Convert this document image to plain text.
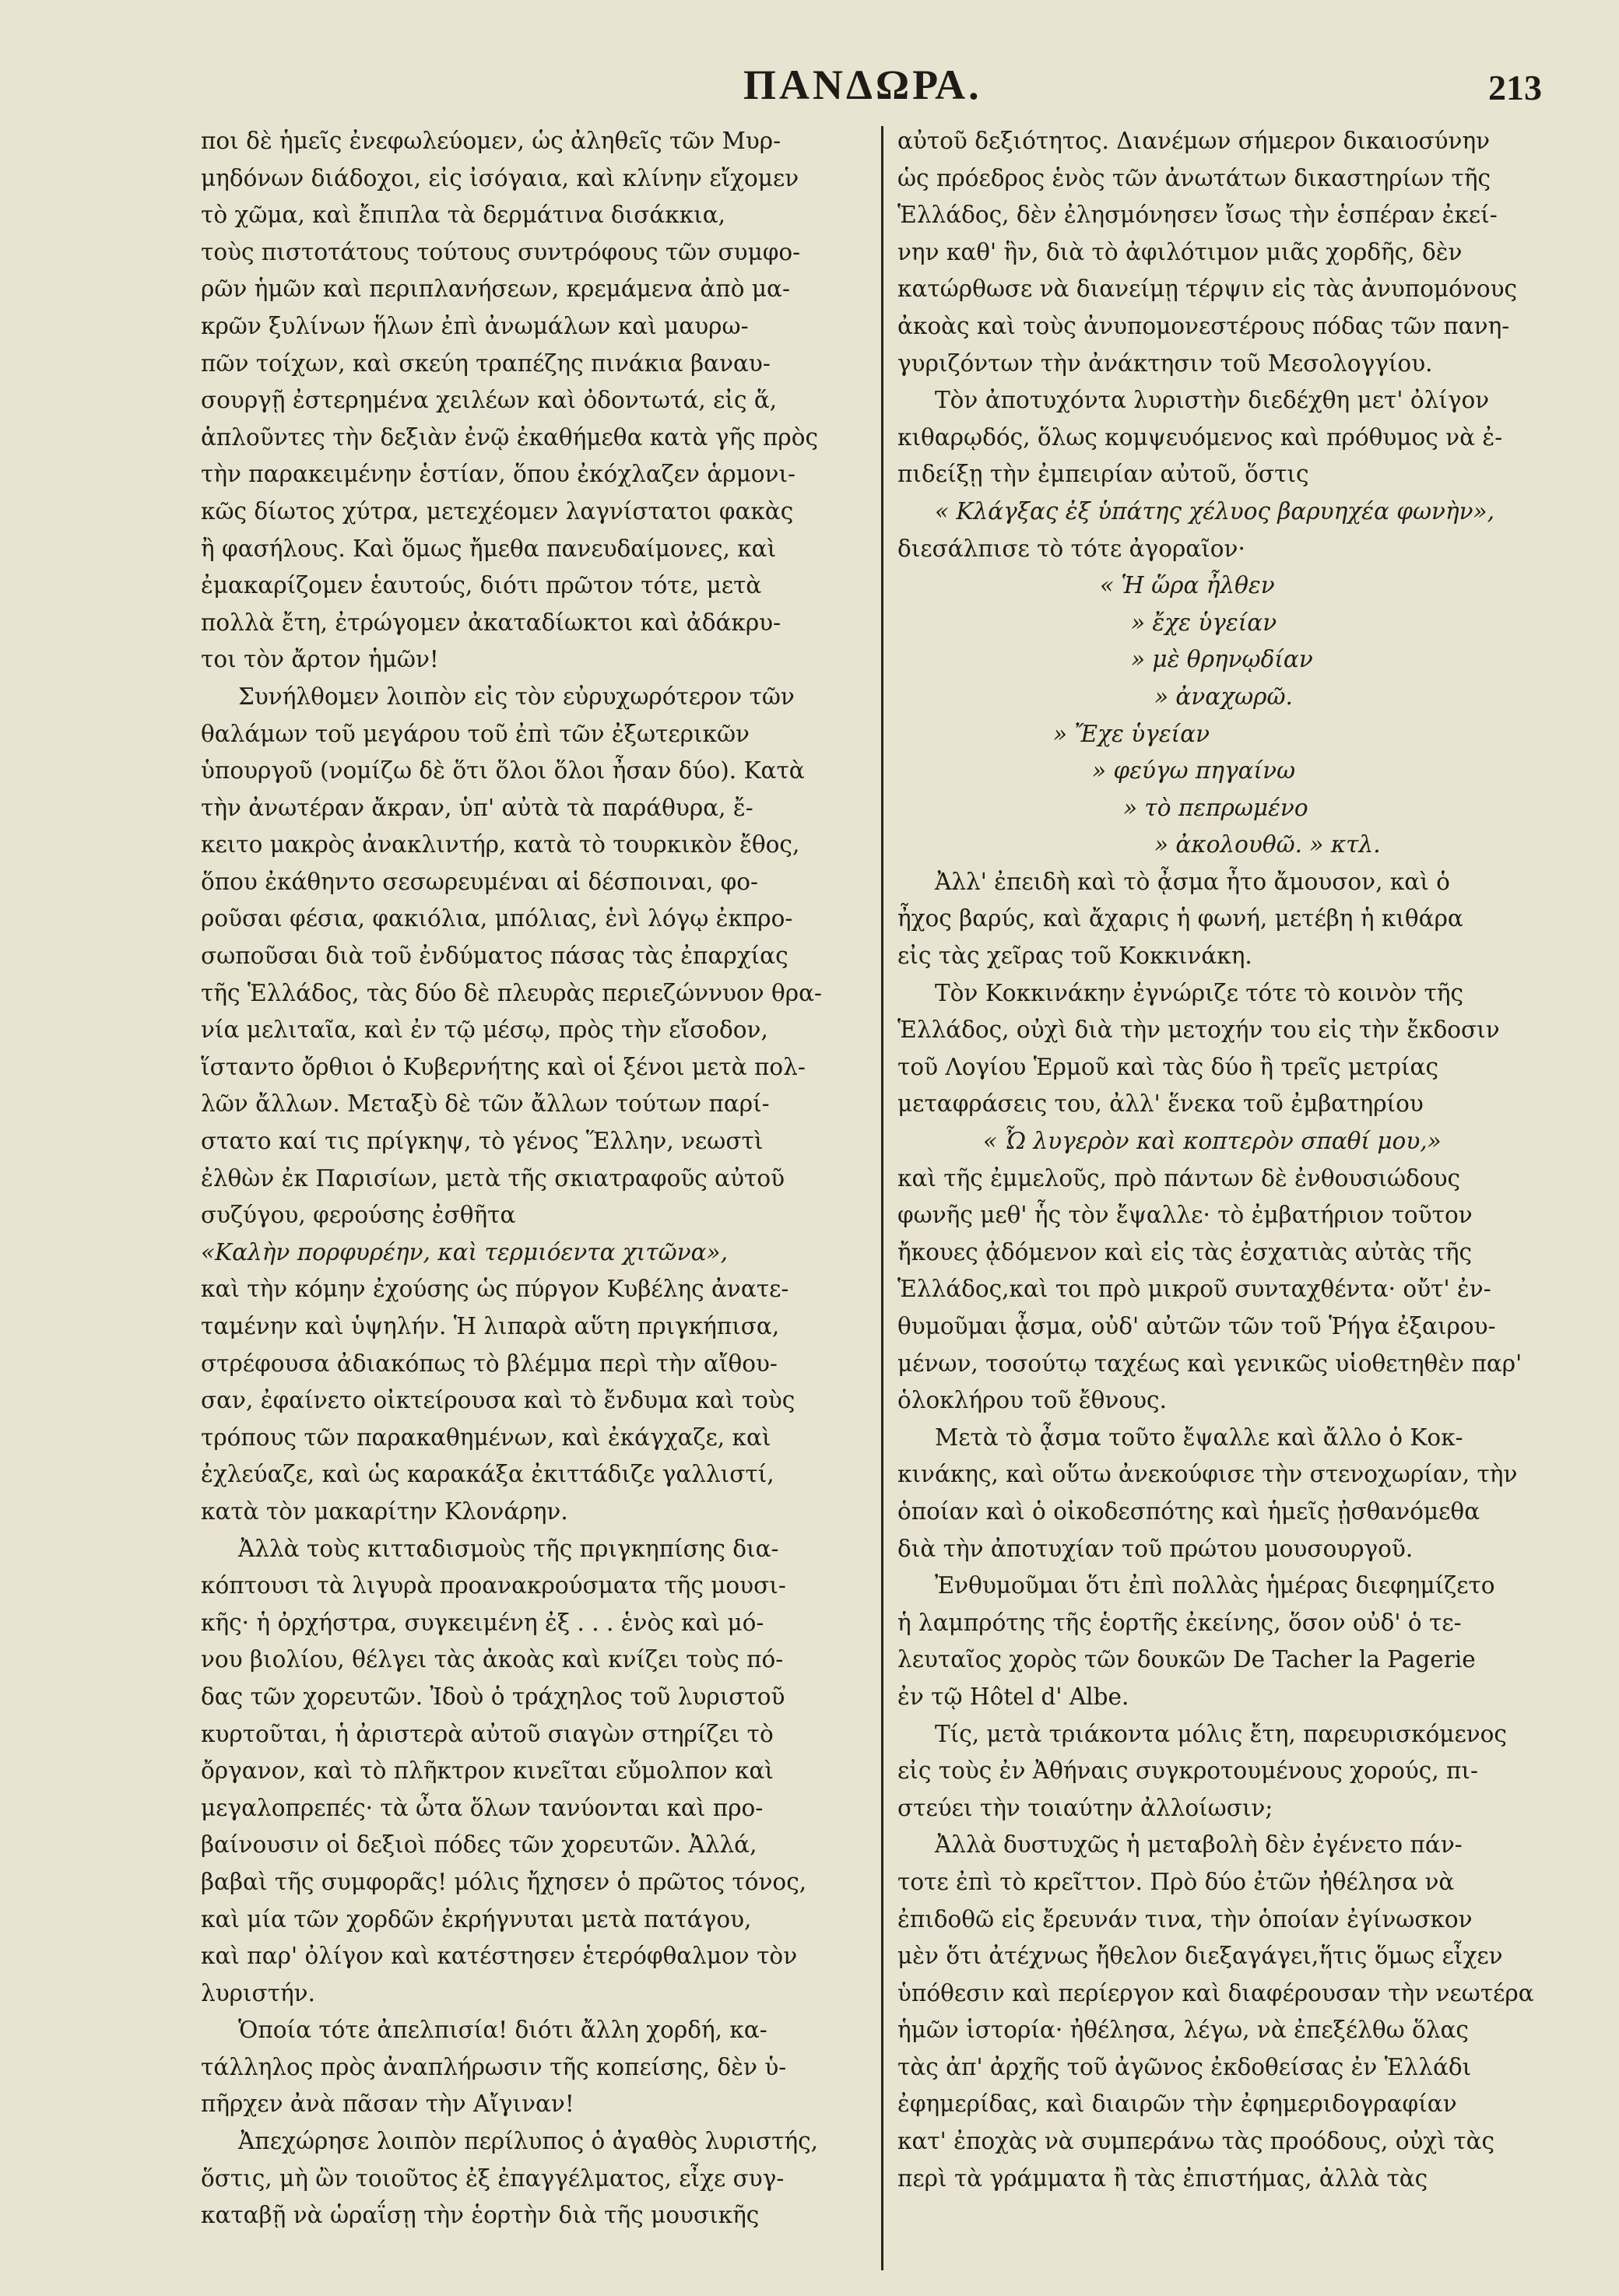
ΠΑΝΔΩΡΑ.	213
ποι δὲ ἡμεῖς ἐνεφωλεύομεν, ὡς ἀληθεῖς τῶν Μυρ-
μηδόνων διάδοχοι, εἰς ἰσόγαια, καὶ κλίνην εἴχομεν
τὸ χῶμα, καὶ ἔπιπλα τὰ δερμάτινα δισάκκια,
τοὺς πιστοτάτους τούτους συντρόφους τῶν συμφο-
ρῶν ἡμῶν καὶ περιπλανήσεων, κρεμάμενα ἀπὸ μα-
κρῶν ξυλίνων ἥλων ἐπὶ ἀνωμάλων καὶ μαυρω-
πῶν τοίχων, καὶ σκεύη τραπέζης πινάκια βαναυ-
σουργῇ ἐστερημένα χειλέων καὶ ὀδοντωτά, εἰς ἅ,
ἁπλοῦντες τὴν δεξιὰν ἐνῷ ἐκαθήμεθα κατὰ γῆς πρὸς
τὴν παρακειμένην ἑστίαν, ὅπου ἐκόχλαζεν ἁρμονι-
κῶς δίωτος χύτρα, μετεχέομεν λαγνίστατοι φακὰς
ἢ φασήλους. Καὶ ὅμως ἤμεθα πανευδαίμονες, καὶ
ἐμακαρίζομεν ἑαυτούς, διότι πρῶτον τότε, μετὰ
πολλὰ ἔτη, ἐτρώγομεν ἀκαταδίωκτοι καὶ ἀδάκρυ-
τοι τὸν ἄρτον ἡμῶν!
Συνήλθομεν λοιπὸν εἰς τὸν εὐρυχωρότερον τῶν
θαλάμων τοῦ μεγάρου τοῦ ἐπὶ τῶν ἐξωτερικῶν
ὑπουργοῦ (νομίζω δὲ ὅτι ὅλοι ὅλοι ἦσαν δύο). Κατὰ
τὴν ἀνωτέραν ἄκραν, ὑπ' αὐτὰ τὰ παράθυρα, ἔ-
κειτο μακρὸς ἀνακλιντήρ, κατὰ τὸ τουρκικὸν ἔθος,
ὅπου ἐκάθηντο σεσωρευμέναι αἱ δέσποιναι, φο-
ροῦσαι φέσια, φακιόλια, μπόλιας, ἑνὶ λόγῳ ἐκπρο-
σωποῦσαι διὰ τοῦ ἐνδύματος πάσας τὰς ἐπαρχίας
τῆς Ἑλλάδος, τὰς δύο δὲ πλευρὰς περιεζώννυον θρα-
νία μελιταῖα, καὶ ἐν τῷ μέσῳ, πρὸς τὴν εἴσοδον,
ἵσταντο ὄρθιοι ὁ Κυβερνήτης καὶ οἱ ξένοι μετὰ πολ-
λῶν ἄλλων. Μεταξὺ δὲ τῶν ἄλλων τούτων παρί-
στατο καί τις πρίγκηψ, τὸ γένος Ἕλλην, νεωστὶ
ἐλθὼν ἐκ Παρισίων, μετὰ τῆς σκιατραφοῦς αὐτοῦ
συζύγου, φερούσης ἐσθῆτα
«Καλὴν πορφυρέην, καὶ τερμιόεντα χιτῶνα»,
καὶ τὴν κόμην ἐχούσης ὡς πύργον Κυβέλης ἀνατε-
ταμένην καὶ ὑψηλήν. Ἡ λιπαρὰ αὕτη πριγκήπισα,
στρέφουσα ἀδιακόπως τὸ βλέμμα περὶ τὴν αἴθου-
σαν, ἐφαίνετο οἰκτείρουσα καὶ τὸ ἔνδυμα καὶ τοὺς
τρόπους τῶν παρακαθημένων, καὶ ἐκάγχαζε, καὶ
ἐχλεύαζε, καὶ ὡς καρακάξα ἐκιττάδιζε γαλλιστί,
κατὰ τὸν μακαρίτην Κλονάρην.
Ἀλλὰ τοὺς κιτταδισμοὺς τῆς πριγκηπίσης δια-
κόπτουσι τὰ λιγυρὰ προανακρούσματα τῆς μουσι-
κῆς· ἡ ὀρχήστρα, συγκειμένη ἐξ . . . ἑνὸς καὶ μό-
νου βιολίου, θέλγει τὰς ἀκοὰς καὶ κνίζει τοὺς πό-
δας τῶν χορευτῶν. Ἰδοὺ ὁ τράχηλος τοῦ λυριστοῦ
κυρτοῦται, ἡ ἀριστερὰ αὐτοῦ σιαγὼν στηρίζει τὸ
ὄργανον, καὶ τὸ πλῆκτρον κινεῖται εὔμολπον καὶ
μεγαλοπρεπές· τὰ ὦτα ὅλων τανύονται καὶ προ-
βαίνουσιν οἱ δεξιοὶ πόδες τῶν χορευτῶν. Ἀλλά,
βαβαὶ τῆς συμφορᾶς! μόλις ἤχησεν ὁ πρῶτος τόνος,
καὶ μία τῶν χορδῶν ἐκρήγνυται μετὰ πατάγου,
καὶ παρ' ὀλίγον καὶ κατέστησεν ἑτερόφθαλμον τὸν
λυριστήν.
Ὁποία τότε ἀπελπισία! διότι ἄλλη χορδή, κα-
τάλληλος πρὸς ἀναπλήρωσιν τῆς κοπείσης, δὲν ὑ-
πῆρχεν ἀνὰ πᾶσαν τὴν Αἴγιναν!
Ἀπεχώρησε λοιπὸν περίλυπος ὁ ἀγαθὸς λυριστής,
ὅστις, μὴ ὢν τοιοῦτος ἐξ ἐπαγγέλματος, εἶχε συγ-
καταβῇ νὰ ὡραΐσῃ τὴν ἑορτὴν διὰ τῆς μουσικῆς
αὐτοῦ δεξιότητος. Διανέμων σήμερον δικαιοσύνην
ὡς πρόεδρος ἑνὸς τῶν ἀνωτάτων δικαστηρίων τῆς
Ἑλλάδος, δὲν ἐλησμόνησεν ἴσως τὴν ἑσπέραν ἐκεί-
νην καθ' ἣν, διὰ τὸ ἀφιλότιμον μιᾶς χορδῆς, δὲν
κατώρθωσε νὰ διανείμῃ τέρψιν εἰς τὰς ἀνυπομόνους
ἀκοὰς καὶ τοὺς ἀνυπομονεστέρους πόδας τῶν πανη-
γυριζόντων τὴν ἀνάκτησιν τοῦ Μεσολογγίου.
Τὸν ἀποτυχόντα λυριστὴν διεδέχθη μετ' ὀλίγον
κιθαρῳδός, ὅλως κομψευόμενος καὶ πρόθυμος νὰ ἐ-
πιδείξῃ τὴν ἐμπειρίαν αὐτοῦ, ὅστις
« Κλάγξας ἐξ ὑπάτης χέλυος βαρυηχέα φωνὴν»,
διεσάλπισε τὸ τότε ἀγοραῖον·
« Ἡ ὥρα ἦλθεν
» ἔχε ὑγείαν
» μὲ θρηνῳδίαν
» ἀναχωρῶ.
» Ἔχε ὑγείαν
» φεύγω πηγαίνω
» τὸ πεπρωμένο
» ἀκολουθῶ. » κτλ.
Ἀλλ' ἐπειδὴ καὶ τὸ ᾆσμα ἦτο ἄμουσον, καὶ ὁ
ἦχος βαρύς, καὶ ἄχαρις ἡ φωνή, μετέβη ἡ κιθάρα
εἰς τὰς χεῖρας τοῦ Κοκκινάκη.
Τὸν Κοκκινάκην ἐγνώριζε τότε τὸ κοινὸν τῆς
Ἑλλάδος, οὐχὶ διὰ τὴν μετοχήν του εἰς τὴν ἔκδοσιν
τοῦ Λογίου Ἑρμοῦ καὶ τὰς δύο ἢ τρεῖς μετρίας
μεταφράσεις του, ἀλλ' ἕνεκα τοῦ ἐμβατηρίου
« Ὦ λυγερὸν καὶ κοπτερὸν σπαθί μου,»
καὶ τῆς ἐμμελοῦς, πρὸ πάντων δὲ ἐνθουσιώδους
φωνῆς μεθ' ἧς τὸν ἔψαλλε· τὸ ἐμβατήριον τοῦτον
ἤκουες ᾀδόμενον καὶ εἰς τὰς ἐσχατιὰς αὐτὰς τῆς
Ἑλλάδος,καὶ τοι πρὸ μικροῦ συνταχθέντα· οὔτ' ἐν-
θυμοῦμαι ᾆσμα, οὐδ' αὐτῶν τῶν τοῦ Ῥήγα ἐξαιρου-
μένων, τοσούτῳ ταχέως καὶ γενικῶς υἱοθετηθὲν παρ'
ὁλοκλήρου τοῦ ἔθνους.
Μετὰ τὸ ᾆσμα τοῦτο ἔψαλλε καὶ ἄλλο ὁ Κοκ-
κινάκης, καὶ οὕτω ἀνεκούφισε τὴν στενοχωρίαν, τὴν
ὁποίαν καὶ ὁ οἰκοδεσπότης καὶ ἡμεῖς ᾐσθανόμεθα
διὰ τὴν ἀποτυχίαν τοῦ πρώτου μουσουργοῦ.
Ἐνθυμοῦμαι ὅτι ἐπὶ πολλὰς ἡμέρας διεφημίζετο
ἡ λαμπρότης τῆς ἑορτῆς ἐκείνης, ὅσον οὐδ' ὁ τε-
λευταῖος χορὸς τῶν δουκῶν De Tacher la Pagerie
ἐν τῷ Hôtel d' Albe.
Τίς, μετὰ τριάκοντα μόλις ἔτη, παρευρισκόμενος
εἰς τοὺς ἐν Ἀθήναις συγκροτουμένους χορούς, πι-
στεύει τὴν τοιαύτην ἀλλοίωσιν;
Ἀλλὰ δυστυχῶς ἡ μεταβολὴ δὲν ἐγένετο πάν-
τοτε ἐπὶ τὸ κρεῖττον. Πρὸ δύο ἐτῶν ἠθέλησα νὰ
ἐπιδοθῶ εἰς ἔρευνάν τινα, τὴν ὁποίαν ἐγίνωσκον
μὲν ὅτι ἀτέχνως ἤθελον διεξαγάγει,ἥτις ὅμως εἶχεν
ὑπόθεσιν καὶ περίεργον καὶ διαφέρουσαν τὴν νεωτέρα
ἡμῶν ἱστορία· ἠθέλησα, λέγω, νὰ ἐπεξέλθω ὅλας
τὰς ἀπ' ἀρχῆς τοῦ ἀγῶνος ἐκδοθείσας ἐν Ἑλλάδι
ἐφημερίδας, καὶ διαιρῶν τὴν ἐφημεριδογραφίαν
κατ' ἐποχὰς νὰ συμπεράνω τὰς προόδους, οὐχὶ τὰς
περὶ τὰ γράμματα ἢ τὰς ἐπιστήμας, ἀλλὰ τὰς
